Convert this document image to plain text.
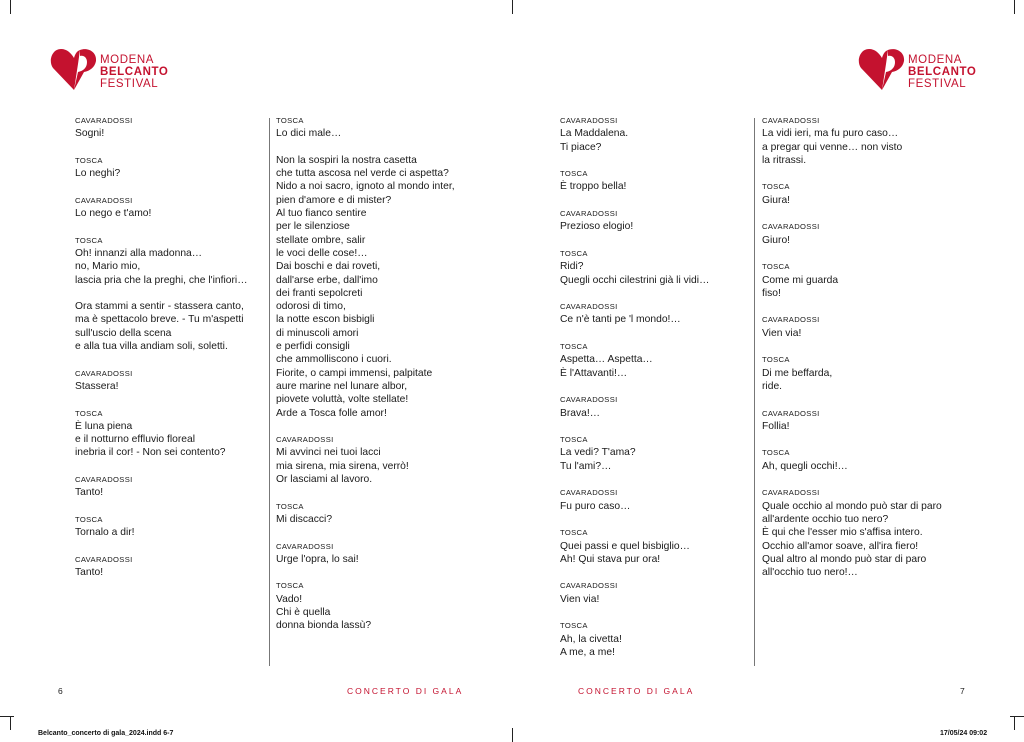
MODENA
BELCANTO
FESTIVAL
MODENA
BELCANTO
FESTIVAL
CAVARADOSSI
Sogni!
TOSCA
Lo neghi?
CAVARADOSSI
Lo nego e t'amo!
TOSCA
Oh! innanzi alla madonna…
no, Mario mio,
lascia pria che la preghi, che l'infiori…
Ora stammi a sentir - stassera canto,
ma è spettacolo breve. - Tu m'aspetti
sull'uscio della scena
e alla tua villa andiam soli, soletti.
CAVARADOSSI
Stassera!
TOSCA
È luna piena
e il notturno effluvio floreal
inebria il cor! - Non sei contento?
CAVARADOSSI
Tanto!
TOSCA
Tornalo a dir!
CAVARADOSSI
Tanto!
TOSCA
Lo dici male…
Non la sospiri la nostra casetta
che tutta ascosa nel verde ci aspetta?
Nido a noi sacro, ignoto al mondo inter,
pien d'amore e di mister?
Al tuo fianco sentire
per le silenziose
stellate ombre, salir
le voci delle cose!…
Dai boschi e dai roveti,
dall'arse erbe, dall'imo
dei franti sepolcreti
odorosi di timo,
la notte escon bisbigli
di minuscoli amori
e perfidi consigli
che ammolliscono i cuori.
Fiorite, o campi immensi, palpitate
aure marine nel lunare albor,
piovete voluttà, volte stellate!
Arde a Tosca folle amor!
CAVARADOSSI
Mi avvinci nei tuoi lacci
mia sirena, mia sirena, verrò!
Or lasciami al lavoro.
TOSCA
Mi discacci?
CAVARADOSSI
Urge l'opra, lo sai!
TOSCA
Vado!
Chi è quella
donna bionda lassù?
CAVARADOSSI
La Maddalena.
Ti piace?
TOSCA
È troppo bella!
CAVARADOSSI
Prezioso elogio!
TOSCA
Ridi?
Quegli occhi cilestrini già li vidi…
CAVARADOSSI
Ce n'è tanti pe 'l mondo!…
TOSCA
Aspetta… Aspetta…
È l'Attavanti!…
CAVARADOSSI
Brava!…
TOSCA
La vedi? T'ama?
Tu l'ami?…
CAVARADOSSI
Fu puro caso…
TOSCA
Quei passi e quel bisbiglio…
Ah! Qui stava pur ora!
CAVARADOSSI
Vien via!
TOSCA
Ah, la civetta!
A me, a me!
CAVARADOSSI
La vidi ieri, ma fu puro caso…
a pregar qui venne… non visto
la ritrassi.
TOSCA
Giura!
CAVARADOSSI
Giuro!
TOSCA
Come mi guarda
fiso!
CAVARADOSSI
Vien via!
TOSCA
Di me beffarda,
ride.
CAVARADOSSI
Follia!
TOSCA
Ah, quegli occhi!…
CAVARADOSSI
Quale occhio al mondo può star di paro
all'ardente occhio tuo nero?
È qui che l'esser mio s'affisa intero.
Occhio all'amor soave, all'ira fiero!
Qual altro al mondo può star di paro
all'occhio tuo nero!…
6	CONCERTO DI GALA	CONCERTO DI GALA	7
Belcanto_concerto di gala_2024.indd 6-7	17/05/24 09:02
